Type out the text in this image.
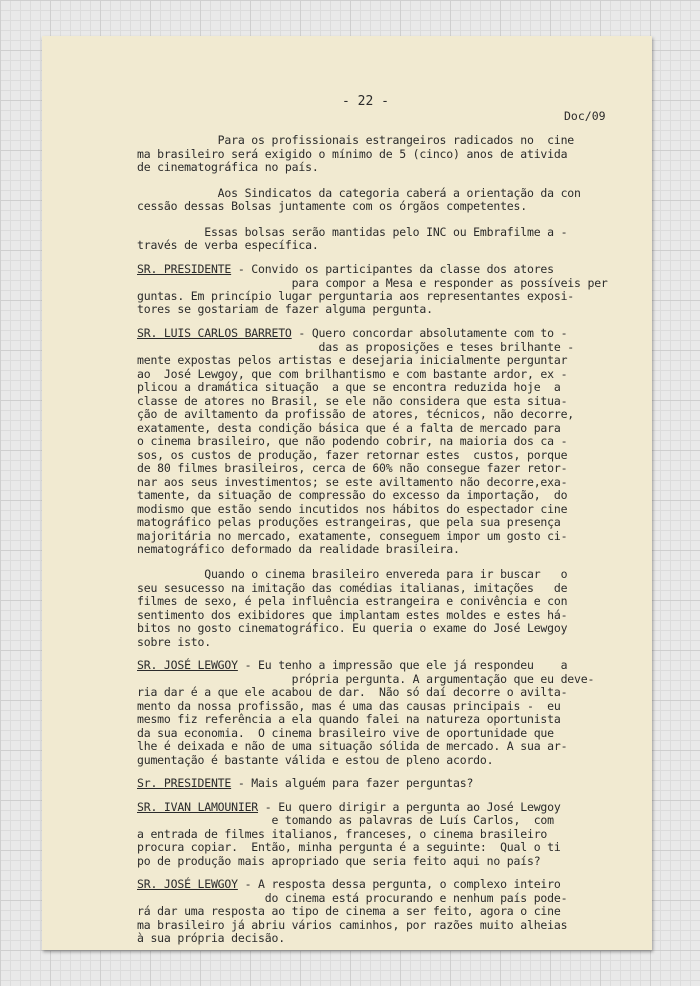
- 22 -
Doc/09
Para os profissionais estrangeiros radicados no  cine
ma brasileiro será exigido o mínimo de 5 (cinco) anos de ativida
de cinematográfica no país.
Aos Sindicatos da categoria caberá a orientação da con
cessão dessas Bolsas juntamente com os órgãos competentes.
Essas bolsas serão mantidas pelo INC ou Embrafilme a -
través de verba específica.
SR. PRESIDENTE - Convido os participantes da classe dos atores
para compor a Mesa e responder as possíveis per
guntas. Em princípio lugar perguntaria aos representantes exposi-
tores se gostariam de fazer alguma pergunta.
SR. LUIS CARLOS BARRETO - Quero concordar absolutamente com to -
das as proposições e teses brilhante -
mente expostas pelos artistas e desejaria inicialmente perguntar
ao  José Lewgoy, que com brilhantismo e com bastante ardor, ex -
plicou a dramática situação  a que se encontra reduzida hoje  a
classe de atores no Brasil, se ele não considera que esta situa-
ção de aviltamento da profissão de atores, técnicos, não decorre,
exatamente, desta condição básica que é a falta de mercado para
o cinema brasileiro, que não podendo cobrir, na maioria dos ca -
sos, os custos de produção, fazer retornar estes  custos, porque
de 80 filmes brasileiros, cerca de 60% não consegue fazer retor-
nar aos seus investimentos; se este aviltamento não decorre,exa-
tamente, da situação de compressão do excesso da importação,  do
modismo que estão sendo incutidos nos hábitos do espectador cine
matográfico pelas produções estrangeiras, que pela sua presença
majoritária no mercado, exatamente, conseguem impor um gosto ci-
nematográfico deformado da realidade brasileira.
Quando o cinema brasileiro enveredа para ir buscar   o
seu sesucesso na imitação das comédias italianas, imitações   de
filmes de sexo, é pela influência estrangeira e conivência e con
sentimento dos exibidores que implantam estes moldes e estes há-
bitos no gosto cinematográfico. Eu queria o exame do José Lewgoy
sobre isto.
SR. JOSÉ LEWGOY - Eu tenho a impressão que ele já respondeu    a
própria pergunta. A argumentação que eu deve-
ria dar é a que ele acabou de dar.  Não só daí decorre o avilta-
mento da nossa profissão, mas é uma das causas principais -  eu
mesmo fiz referência a ela quando falei na natureza oportunista
da sua economia.  O cinema brasileiro vive de oportunidade que
lhe é deixada e não de uma situação sólida de mercado. A sua ar-
gumentação é bastante válida e estou de pleno acordo.
Sr. PRESIDENTE - Mais alguém para fazer perguntas?
SR. IVAN LAMOUNIER - Eu quero dirigir a pergunta ao José Lewgoy
e tomando as palavras de Luís Carlos,  com
a entrada de filmes italianos, franceses, o cinema brasileiro
procura copiar.  Então, minha pergunta é a seguinte:  Qual o ti
po de produção mais apropriado que seria feito aqui no país?
SR. JOSÉ LEWGOY - A resposta dessa pergunta, o complexo inteiro
do cinema está procurando e nenhum país pode-
rá dar uma resposta ao tipo de cinema a ser feito, agora o cine
ma brasileiro já abriu vários caminhos, por razões muito alheias
à sua própria decisão.
